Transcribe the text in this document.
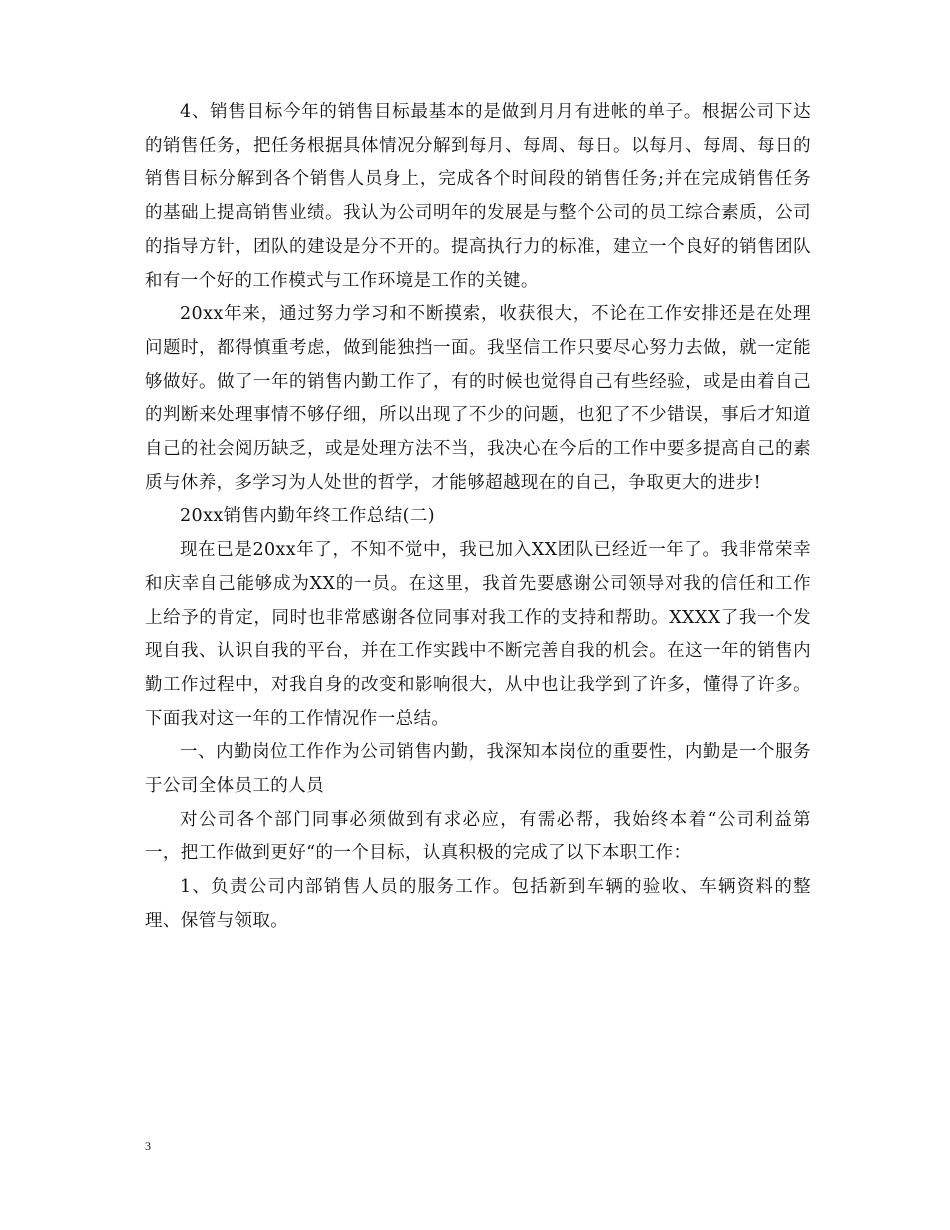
4、销售目标今年的销售目标最基本的是做到月月有进帐的单子。根据公司下达的销售任务，把任务根据具体情况分解到每月、每周、每日。以每月、每周、每日的销售目标分解到各个销售人员身上，完成各个时间段的销售任务;并在完成销售任务的基础上提高销售业绩。我认为公司明年的发展是与整个公司的员工综合素质，公司的指导方针，团队的建设是分不开的。提高执行力的标准，建立一个良好的销售团队和有一个好的工作模式与工作环境是工作的关键。

20xx年来，通过努力学习和不断摸索，收获很大，不论在工作安排还是在处理问题时，都得慎重考虑，做到能独挡一面。我坚信工作只要尽心努力去做，就一定能够做好。做了一年的销售内勤工作了，有的时候也觉得自己有些经验，或是由着自己的判断来处理事情不够仔细，所以出现了不少的问题，也犯了不少错误，事后才知道自己的社会阅历缺乏，或是处理方法不当，我决心在今后的工作中要多提高自己的素质与休养，多学习为人处世的哲学，才能够超越现在的自己，争取更大的进步!

20xx销售内勤年终工作总结(二)

现在已是20xx年了，不知不觉中，我已加入XX团队已经近一年了。我非常荣幸和庆幸自己能够成为XX的一员。在这里，我首先要感谢公司领导对我的信任和工作上给予的肯定，同时也非常感谢各位同事对我工作的支持和帮助。XXXX了我一个发现自我、认识自我的平台，并在工作实践中不断完善自我的机会。在这一年的销售内勤工作过程中，对我自身的改变和影响很大，从中也让我学到了许多，懂得了许多。下面我对这一年的工作情况作一总结。

一、内勤岗位工作作为公司销售内勤，我深知本岗位的重要性，内勤是一个服务于公司全体员工的人员

对公司各个部门同事必须做到有求必应，有需必帮，我始终本着“公司利益第一，把工作做到更好“的一个目标，认真积极的完成了以下本职工作：

1、负责公司内部销售人员的服务工作。包括新到车辆的验收、车辆资料的整理、保管与领取。

3
